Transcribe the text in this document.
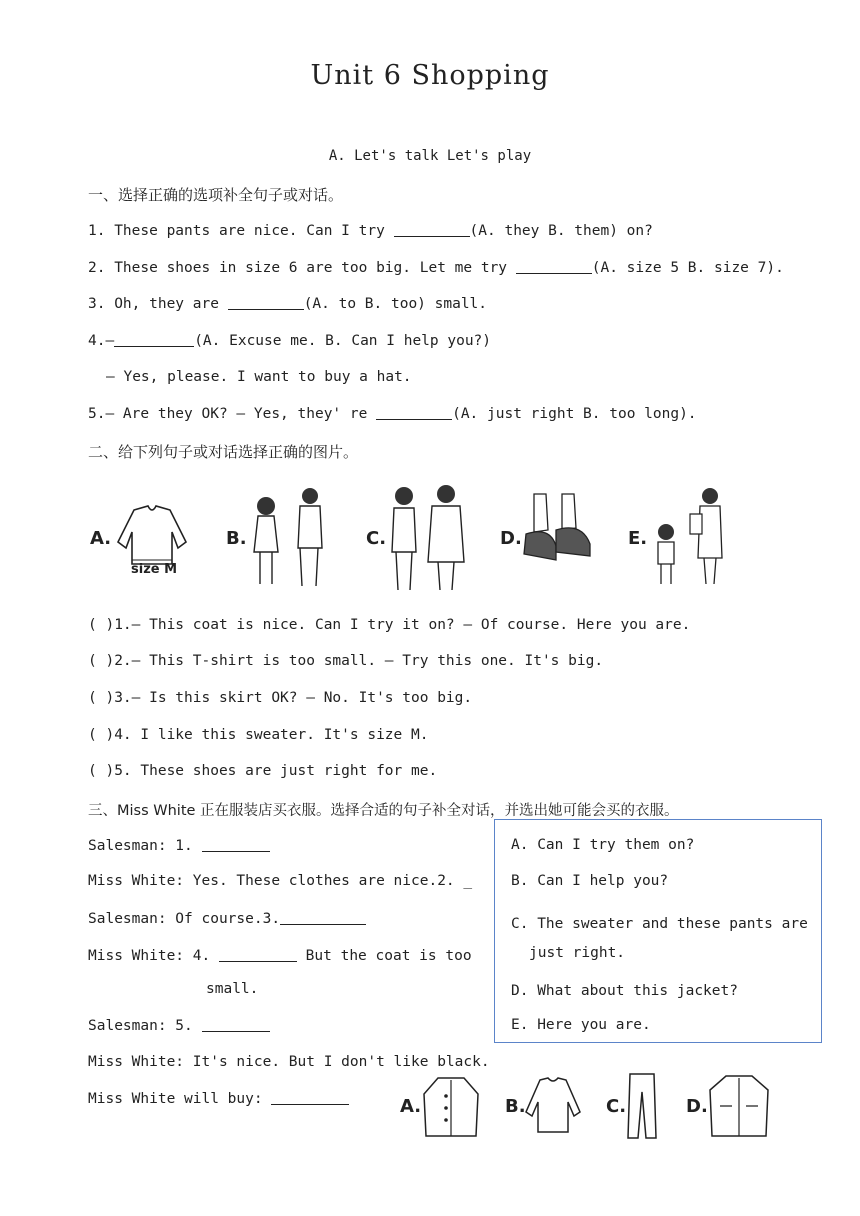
Unit 6 Shopping
A. Let's talk Let's play
一、选择正确的选项补全句子或对话。
1. These pants are nice. Can I try	(A. they B. them) on?
2. These shoes in size 6 are too big. Let me try	(A. size 5 B. size 7).
3. Oh, they are	(A. to B. too) small.
4.—	(A. Excuse me. B. Can I help you?)
— Yes, please. I want to buy a hat.
5.— Are they OK? — Yes, they' re	(A. just right B. too long).
二、给下列句子或对话选择正确的图片。
A.
size M
B.	C.	D.	E.
( )1.— This coat is nice. Can I try it on? — Of course. Here you are.
( )2.— This T-shirt is too small. — Try this one. It's big.
( )3.— Is this skirt OK? — No. It's too big.
( )4. I like this sweater. It's size M.
( )5. These shoes are just right for me.
三、Miss White 正在服装店买衣服。选择合适的句子补全对话，并选出她可能会买的衣服。
Salesman: 1.
Miss White: Yes. These clothes are nice.2. _
Salesman: Of course.3.
Miss White: 4.	But the coat is too
small.
Salesman: 5.
Miss White: It's nice. But I don't like black.
Miss White will buy:
A. Can I try them on?
B. Can I help you?
C. The sweater and these pants are
just right.
D. What about this jacket?
E. Here you are.
A.	B.	C.	D.
